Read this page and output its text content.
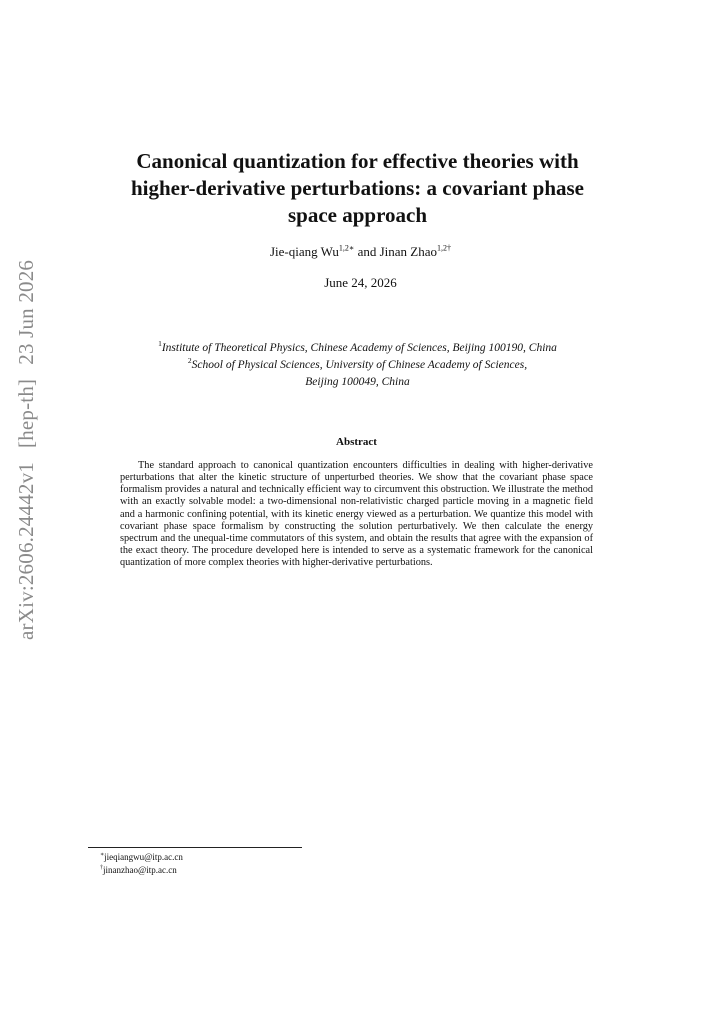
arXiv:2606.24442v1[hep-th]23 Jun 2026
Canonical quantization for effective theories with
higher-derivative perturbations: a covariant phase
space approach
Jie-qiang $Wu^{1,2∗}$ and Jinan Zhao$^{1,2\dagger}$
June 24, 2026
$^1$Institute of Theoretical Physics, Chinese Academy of Sciences, Beijing 100190, China
$^2$School of Physical Sciences, University of Chinese Academy of Sciences,
Beijing 100049, China
Abstract
The standard approach to canonical quantization encounters difficulties in dealing with higher-derivative perturbations that alter the kinetic structure of unperturbed theories. We show that the covariant phase space formalism provides a natural and technically efficient way to circumvent this obstruction. We illustrate the method with an exactly solvable model: a two-dimensional non-relativistic charged particle moving in a magnetic field and a harmonic confining potential, with its kinetic energy viewed as a perturbation. We quantize this model with covariant phase space formalism by constructing the solution perturbatively. We then calculate the energy spectrum and the unequal-time commutators of this system, and obtain the results that agree with the expansion of the exact theory. The procedure developed here is intended to serve as a systematic framework for the canonical quantization of more complex theories with higher-derivative perturbations.
∗jieqiangwu@itp.ac.cn
†jinanzhao@itp.ac.cn
